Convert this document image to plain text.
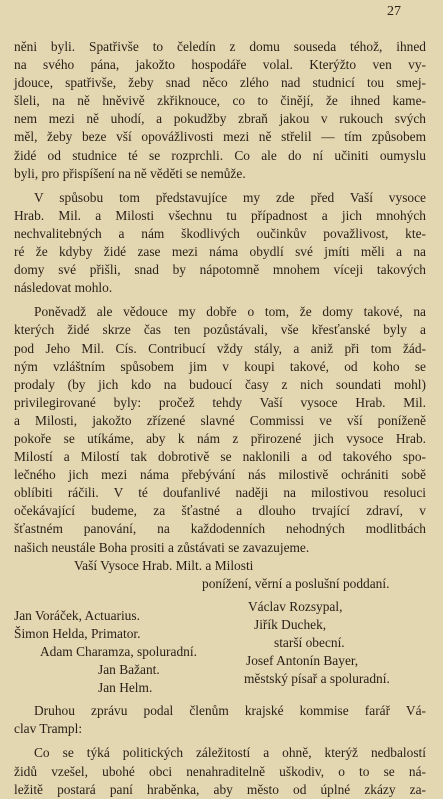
27
něni byli. Spatřivše to čeledín z domu souseda téhož, ihned
na svého pána, jakožto hospodáře volal. Kterýžto ven vy-
jdouce, spatřivše, žeby snad něco zlého nad studnicí tou smej-
šleli, na ně hněvivě zkřiknouce, co to činějí, že ihned kame-
nem mezi ně uhodí, a pokudžby zbraň jakou v rukouch svých
měl, žeby beze vší opovážlivosti mezi ně střelil — tím způsobem
židé od studnice té se rozprchli. Co ale do ní učiniti oumyslu
byli, pro přispíšení na ně věděti se nemůže.
V spůsobu tom představujíce my zde před Vaší vysoce
Hrab. Mil. a Milosti všechnu tu případnost a jich mnohých
nechvalitebných a nám škodlivých oučinkův považlivost, kte-
ré že kdyby židé zase mezi náma obydlí své jmíti měli a na
domy své přišli, snad by nápotomně mnohem víceji takových
následovat mohlo.
Poněvadž ale vědouce my dobře o tom, že domy takové, na
kterých židé skrze čas ten pozůstávali, vše křesťanské byly a
pod Jeho Mil. Cís. Contribucí vždy stály, a aniž při tom žád-
ným vzláštním spůsobem jim v koupi takové, od koho se
prodaly (by jich kdo na budoucí časy z nich soundati mohl)
privilegirované byly: pročež tehdy Vaší vysoce Hrab. Mil.
a Milosti, jakožto zřízené slavné Commissi ve vší poníženě
pokoře se utíkáme, aby k nám z přirozené jich vysoce Hrab.
Milostí a Milostí tak dobrotivě se naklonili a od takového spo-
lečného jich mezi náma přebývání nás milostivě ochrániti sobě
oblíbiti ráčili. V té doufanlivé naději na milostivou resoluci
očekávající budeme, za šťastné a dlouho trvající zdraví, v
šťastném panování, na každodenních nehodných modlitbách
našich neustále Boha prositi a zůstávati se zavazujeme.
Vaší Vysoce Hrab. Milt. a Milosti
ponížení, věrní a poslušní poddaní.
Jan Voráček, Actuarius.
Václav Rozsypal,
Šimon Helda, Primator.
Jiřík Duchek,
Adam Charamza, spoluradní.
starší obecní.
Jan Bažant.
Josef Antonín Bayer,
Jan Helm.
městský písař a spoluradní.
Druhou zprávu podal členům krajské kommise farář Vá-
clav Trampl:
Co se týká politických záležitostí a ohně, kterýž nedbalostí
židů vzešel, ubohé obci nenahraditelně uškodiv, o to se ná-
ležitě postará paní hraběnka, aby město od úplné zkázy za-
